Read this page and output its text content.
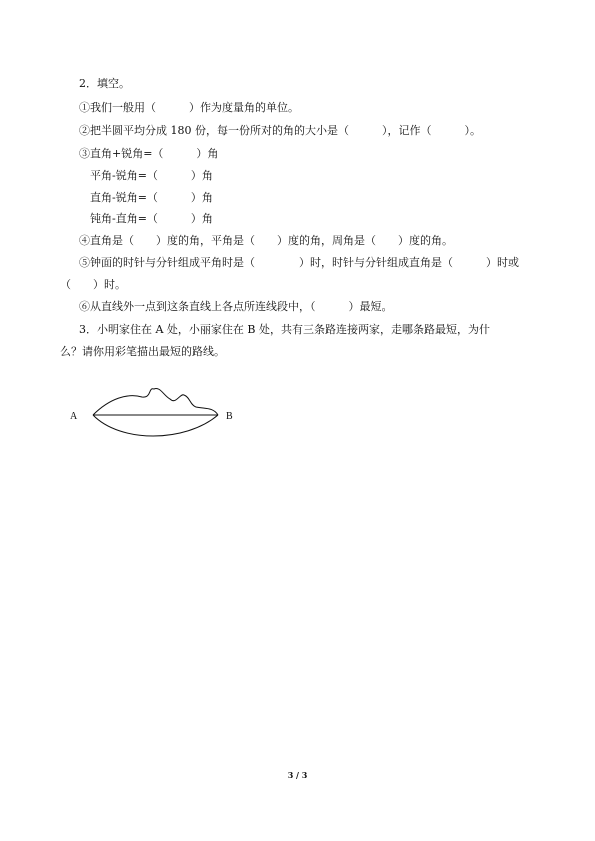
2．填空。
①我们一般用（　　　）作为度量角的单位。
②把半圆平均分成 180 份，每一份所对的角的大小是（　　　），记作（　　　）。
③直角+锐角=（　　　）角
平角-锐角=（　　　）角
直角-锐角=（　　　）角
钝角-直角=（　　　）角
④直角是（　　）度的角，平角是（　　）度的角，周角是（　　）度的角。
⑤钟面的时针与分针组成平角时是（　　　　）时，时针与分针组成直角是（　　　）时或
（　　）时。
⑥从直线外一点到这条直线上各点所连线段中，（　　　）最短。
3．小明家住在 A 处，小丽家住在 B 处，共有三条路连接两家，走哪条路最短，为什
么？请你用彩笔描出最短的路线。
A	B
3 / 3
